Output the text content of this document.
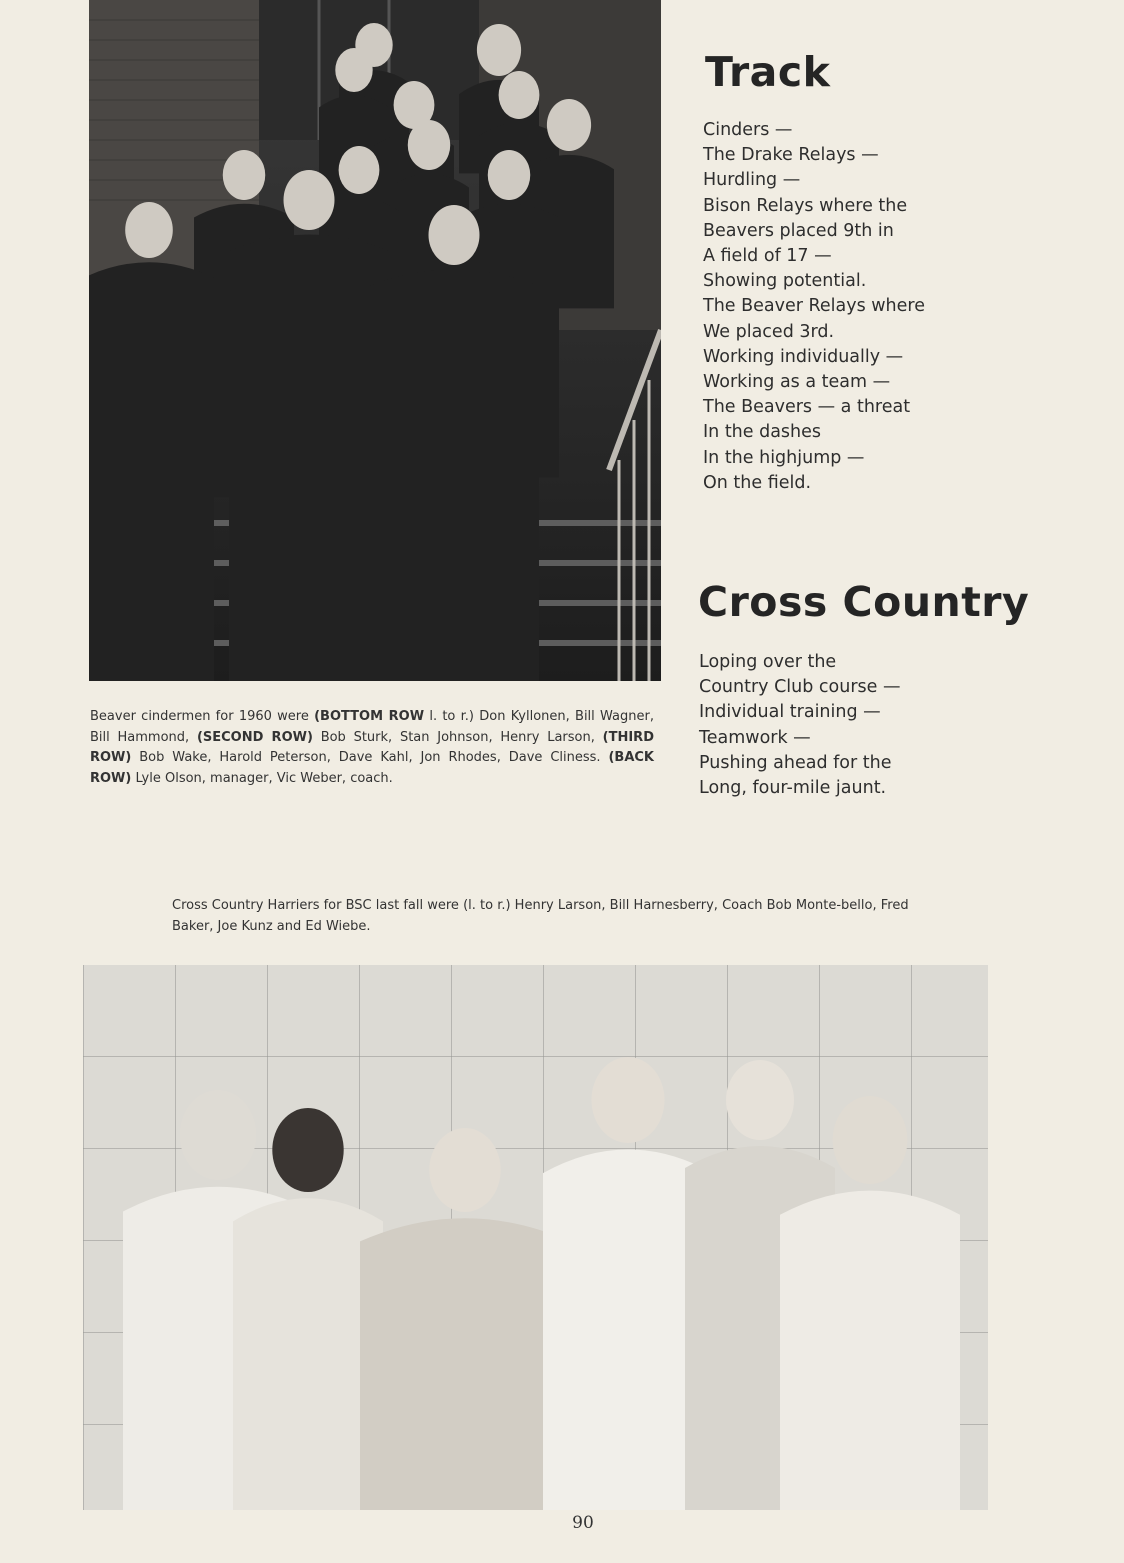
Track
Cinders —
The Drake Relays —
Hurdling —
Bison Relays where the
Beavers placed 9th in
A field of 17 —
Showing potential.
The Beaver Relays where
We placed 3rd.
Working individually —
Working as a team —
The Beavers — a threat
In the dashes
In the highjump —
On the field.

Beaver cindermen for 1960 were (BOTTOM ROW l. to r.) Don Kyllonen, Bill Wagner, Bill Hammond, (SECOND ROW) Bob Sturk, Stan Johnson, Henry Larson, (THIRD ROW) Bob Wake, Harold Peterson, Dave Kahl, Jon Rhodes, Dave Cliness. (BACK ROW) Lyle Olson, manager, Vic Weber, coach.

Cross Country
Loping over the
Country Club course —
Individual training —
Teamwork —
Pushing ahead for the
Long, four-mile jaunt.

Cross Country Harriers for BSC last fall were (l. to r.) Henry Larson, Bill Harnesberry, Coach Bob Monte-bello, Fred Baker, Joe Kunz and Ed Wiebe.

90
